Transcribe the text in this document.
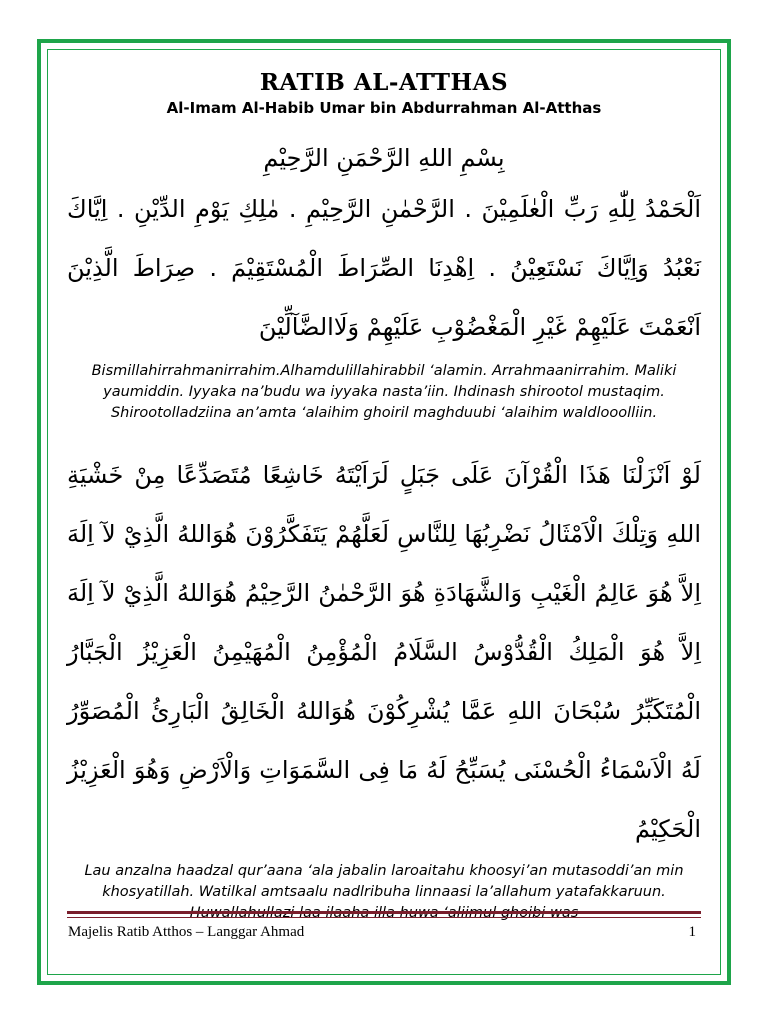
RATIB AL-ATTHAS

Al-Imam Al-Habib Umar bin Abdurrahman Al-Atthas

بِسْمِ اللهِ الرَّحْمَنِ الرَّحِيْمِ

اَلْحَمْدُ لِلّٰهِ رَبِّ الْعٰلَمِيْنَ . الرَّحْمٰنِ الرَّحِيْمِ . مٰلِكِ يَوْمِ الدِّيْنِ . اِيَّاكَ نَعْبُدُ وَاِيَّاكَ نَسْتَعِيْنُ . اِهْدِنَا الصِّرَاطَ الْمُسْتَقِيْمَ . صِرَاطَ الَّذِيْنَ اَنْعَمْتَ عَلَيْهِمْ غَيْرِ الْمَغْضُوْبِ عَلَيْهِمْ وَلَاالضَّآلِّيْنَ

Bismillahirrahmanirrahim.Alhamdulillahirabbil ‘alamin. Arrahmaanirrahim. Maliki yaumiddin. Iyyaka na’budu wa iyyaka nasta’iin. Ihdinash shirootol mustaqim. Shirootolladziina an’amta ‘alaihim ghoiril maghduubi ‘alaihim waldlooolliin.

لَوْ اَنْزَلْنَا هَذَا الْقُرْآنَ عَلَى جَبَلٍ لَرَاَيْتَهُ خَاشِعًا مُتَصَدِّعًا مِنْ خَشْيَةِ اللهِ وَتِلْكَ الْاَمْثَالُ نَضْرِبُهَا لِلنَّاسِ لَعَلَّهُمْ يَتَفَكَّرُوْنَ هُوَاللهُ الَّذِيْ لآ اِلَهَ اِلاَّ هُوَ عَالِمُ الْغَيْبِ وَالشَّهَادَةِ هُوَ الرَّحْمٰنُ الرَّحِيْمُ هُوَاللهُ الَّذِيْ لآ اِلَهَ اِلاَّ هُوَ الْمَلِكُ الْقُدُّوْسُ السَّلَامُ الْمُؤْمِنُ الْمُهَيْمِنُ الْعَزِيْزُ الْجَبَّارُ الْمُتَكَبِّرُ سُبْحَانَ اللهِ عَمَّا يُشْرِكُوْنَ هُوَاللهُ الْخَالِقُ الْبَارِئُ الْمُصَوِّرُ لَهُ الْاَسْمَاءُ الْحُسْنَى يُسَبِّحُ لَهُ مَا فِى السَّمَوَاتِ وَالْاَرْضِ وَهُوَ الْعَزِيْزُ الْحَكِيْمُ

Lau anzalna haadzal qur’aana ‘ala jabalin laroaitahu khoosyi’an mutasoddi’an min khosyatillah. Watilkal amtsaalu nadlribuha linnaasi la’allahum yatafakkaruun.

Majelis Ratib Atthos – Langgar Ahmad	1
